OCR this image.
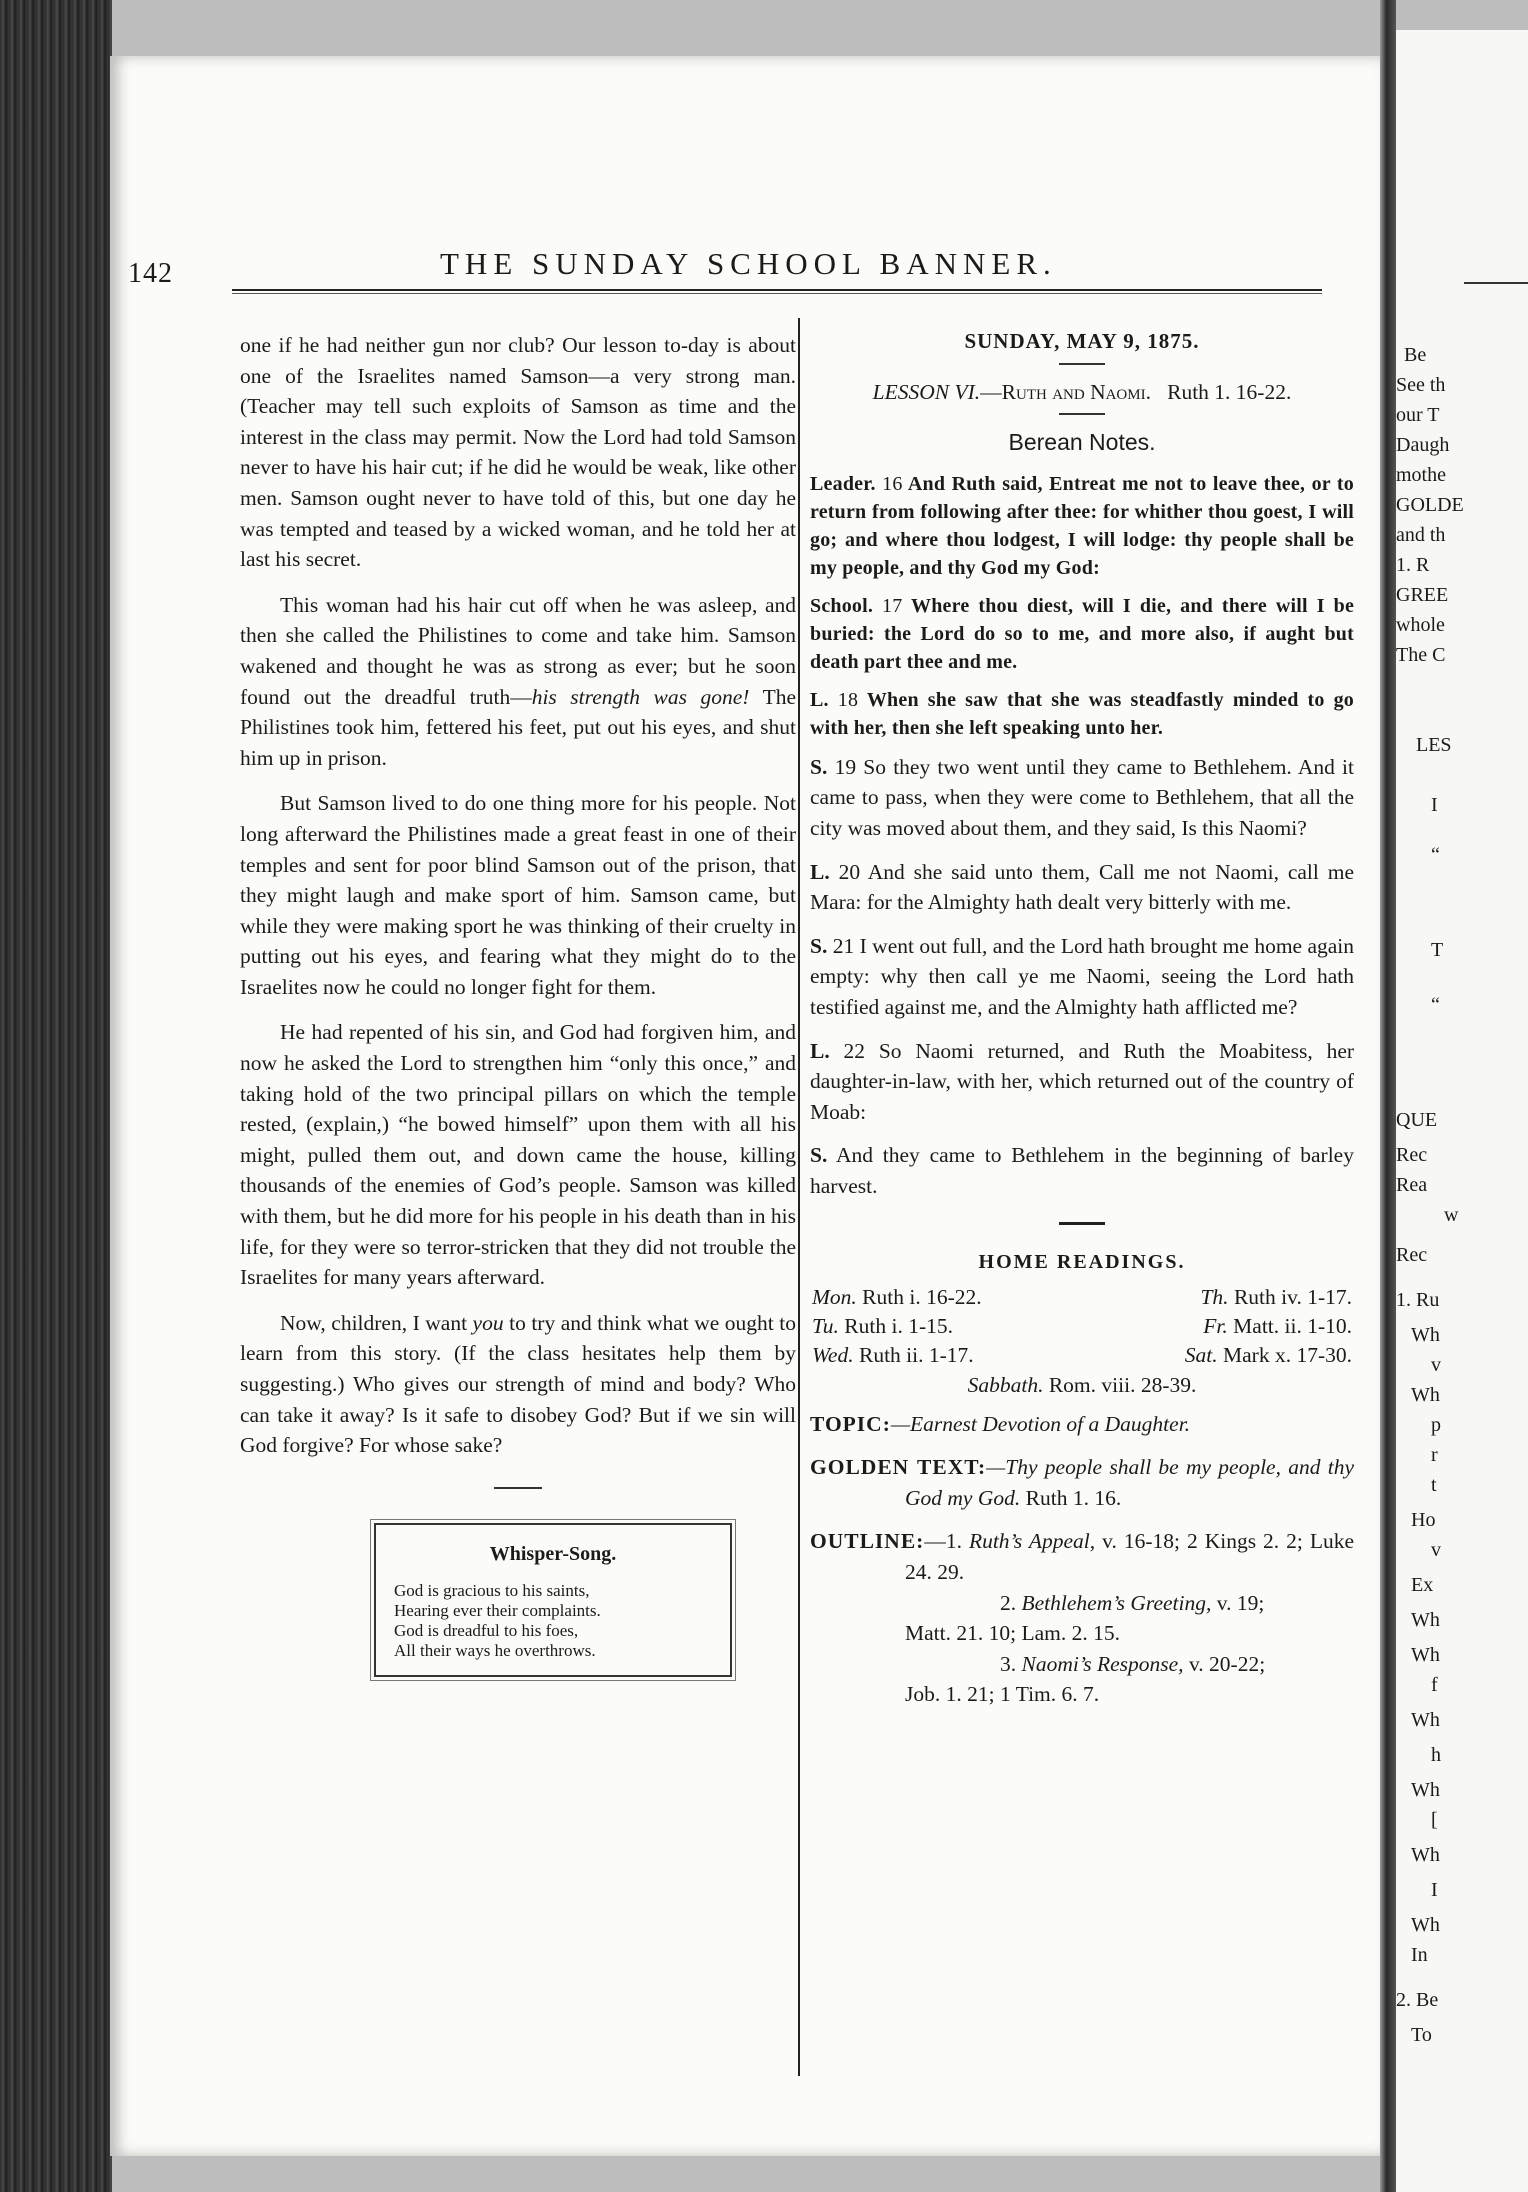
Be
See th
our T
Daugh
mothe
GOLDE
and th
1. R
GREE
whole
The C
LES
I
“
T
“
QUE
Rec
Rea
w
Rec
1. Ru
Wh
v
Wh
p
r
t
Ho
v
Ex
Wh
Wh
f
Wh
h
Wh
[
Wh
I
Wh
In
2. Be
To
142	THE SUNDAY SCHOOL BANNER.

one if he had neither gun nor club? Our lesson to-day is about one of the Israelites named Samson—a very strong man. (Teacher may tell such exploits of Samson as time and the interest in the class may permit. Now the Lord had told Samson never to have his hair cut; if he did he would be weak, like other men. Samson ought never to have told of this, but one day he was tempted and teased by a wicked woman, and he told her at last his secret.

This woman had his hair cut off when he was asleep, and then she called the Philistines to come and take him. Samson wakened and thought he was as strong as ever; but he soon found out the dreadful truth—his strength was gone! The Philistines took him, fettered his feet, put out his eyes, and shut him up in prison.

But Samson lived to do one thing more for his people. Not long afterward the Philistines made a great feast in one of their temples and sent for poor blind Samson out of the prison, that they might laugh and make sport of him. Samson came, but while they were making sport he was thinking of their cruelty in putting out his eyes, and fearing what they might do to the Israelites now he could no longer fight for them.

He had repented of his sin, and God had forgiven him, and now he asked the Lord to strengthen him “only this once,” and taking hold of the two principal pillars on which the temple rested, (explain,) “he bowed himself” upon them with all his might, pulled them out, and down came the house, killing thousands of the enemies of God’s people. Samson was killed with them, but he did more for his people in his death than in his life, for they were so terror-stricken that they did not trouble the Israelites for many years afterward.

Now, children, I want you to try and think what we ought to learn from this story. (If the class hesitates help them by suggesting.) Who gives our strength of mind and body? Who can take it away? Is it safe to disobey God? But if we sin will God forgive? For whose sake?

Whisper-Song.
God is gracious to his saints,
Hearing ever their complaints.
God is dreadful to his foes,
All their ways he overthrows.
SUNDAY, MAY 9, 1875.
LESSON VI.—Ruth and Naomi. Ruth 1. 16-22.
Berean Notes.

Leader. 16 And Ruth said, Entreat me not to leave thee, or to return from following after thee: for whither thou goest, I will go; and where thou lodgest, I will lodge: thy people shall be my people, and thy God my God:

School. 17 Where thou diest, will I die, and there will I be buried: the Lord do so to me, and more also, if aught but death part thee and me.

L. 18 When she saw that she was steadfastly minded to go with her, then she left speaking unto her.

S. 19 So they two went until they came to Bethlehem. And it came to pass, when they were come to Bethlehem, that all the city was moved about them, and they said, Is this Naomi?

L. 20 And she said unto them, Call me not Naomi, call me Mara: for the Almighty hath dealt very bitterly with me.

S. 21 I went out full, and the Lord hath brought me home again empty: why then call ye me Naomi, seeing the Lord hath testified against me, and the Almighty hath afflicted me?

L. 22 So Naomi returned, and Ruth the Moabitess, her daughter-in-law, with her, which returned out of the country of Moab:

S. And they came to Bethlehem in the beginning of barley harvest.

HOME READINGS.
Mon. Ruth i. 16-22.	Th. Ruth iv. 1-17.
Tu. Ruth i. 1-15.	Fr. Matt. ii. 1-10.
Wed. Ruth ii. 1-17.	Sat. Mark x. 17-30.
Sabbath. Rom. viii. 28-39.

TOPIC:—Earnest Devotion of a Daughter.

GOLDEN TEXT:—Thy people shall be my people, and thy God my God. Ruth 1. 16.

OUTLINE:—1. Ruth’s Appeal, v. 16-18; 2 Kings 2. 2; Luke 24. 29.
2. Bethlehem’s Greeting, v. 19;
Matt. 21. 10; Lam. 2. 15.
3. Naomi’s Response, v. 20-22;
Job. 1. 21; 1 Tim. 6. 7.
